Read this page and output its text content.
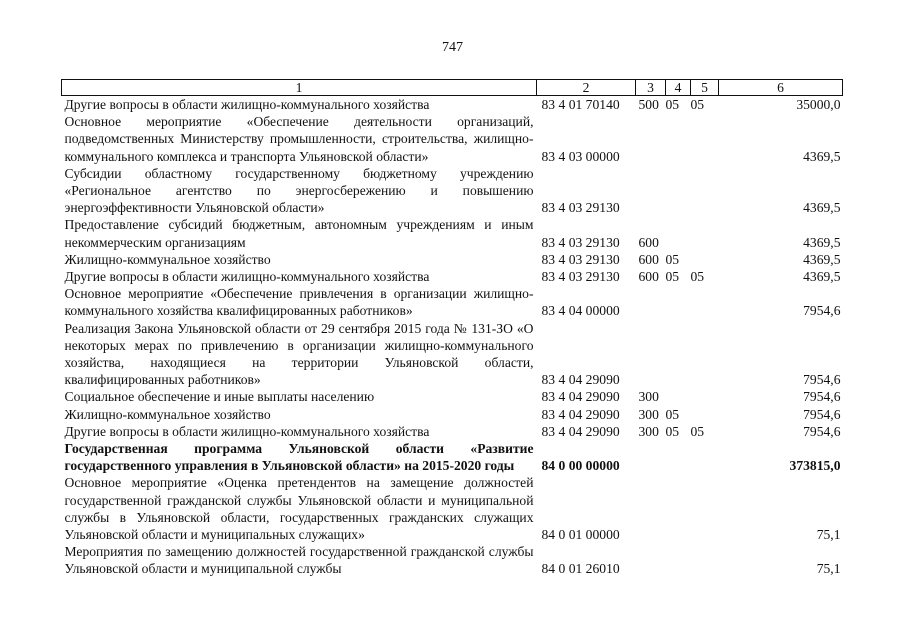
747
1	2	3	4	5	6
Другие вопросы в области жилищно-коммунального хозяйства	83 4 01 70140	500	05	05	35000,0
Основное мероприятие «Обеспечение деятельности организаций, подведомственных Министерству промышленности, строительства, жилищно-коммунального комплекса и транспорта Ульяновской области»	83 4 03 00000				4369,5
Субсидии областному государственному бюджетному учреждению «Региональное агентство по энергосбережению и повышению энергоэффективности Ульяновской области»	83 4 03 29130				4369,5
Предоставление субсидий бюджетным, автономным учреждениям и иным некоммерческим организациям	83 4 03 29130	600			4369,5
Жилищно-коммунальное хозяйство	83 4 03 29130	600	05		4369,5
Другие вопросы в области жилищно-коммунального хозяйства	83 4 03 29130	600	05	05	4369,5
Основное мероприятие «Обеспечение привлечения в организации жилищно-коммунального хозяйства квалифицированных работников»	83 4 04 00000				7954,6
Реализация Закона Ульяновской области от 29 сентября 2015 года № 131-ЗО «О некоторых мерах по привлечению в организации жилищно-коммунального хозяйства, находящиеся на территории Ульяновской области, квалифицированных работников»	83 4 04 29090				7954,6
Социальное обеспечение и иные выплаты населению	83 4 04 29090	300			7954,6
Жилищно-коммунальное хозяйство	83 4 04 29090	300	05		7954,6
Другие вопросы в области жилищно-коммунального хозяйства	83 4 04 29090	300	05	05	7954,6
Государственная программа Ульяновской области «Развитие государственного управления в Ульяновской области» на 2015-2020 годы	84 0 00 00000				373815,0
Основное мероприятие «Оценка претендентов на замещение должностей государственной гражданской службы Ульяновской области и муниципальной службы в Ульяновской области, государственных гражданских служащих Ульяновской области и муниципальных служащих»	84 0 01 00000				75,1
Мероприятия по замещению должностей государственной гражданской службы Ульяновской области и муниципальной службы	84 0 01 26010				75,1
